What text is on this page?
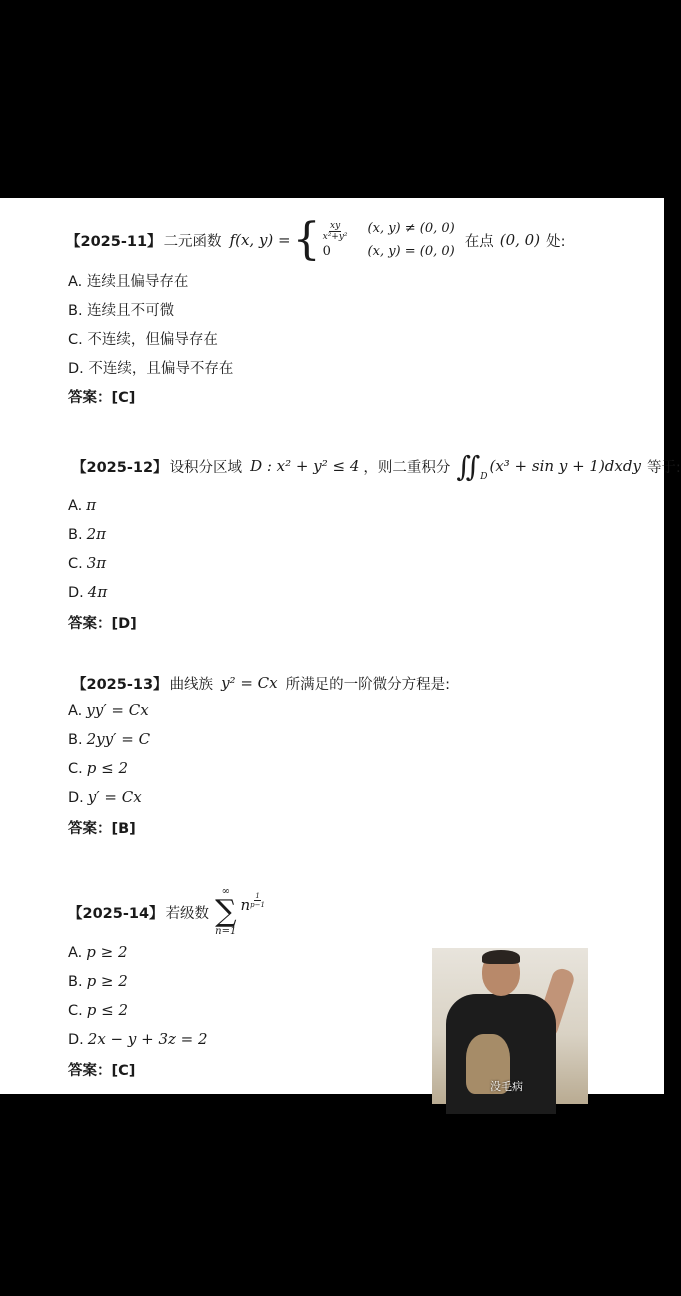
【2025-11】 二元函数 f(x, y) = { $\frac{xy}{\text{x²+y²}} (x$, y) ≠ (0, 0)
0	(x, y) = (0, 0)
在点 (0, 0) 处:
A. 连续且偏导存在
B. 连续且不可微
C. 不连续，但偏导存在
D. 不连续，且偏导不存在
答案：[C]
【2025-12】 设积分区域 D : x² + y² ≤ 4 ，则二重积分 ∬ D
(x³ + sin y + 1)dxdy 等于:
A. π
B. 2π
C. 3π
D. 4π
答案：[D]
【2025-13】 曲线族 y² = Cx 所满足的一阶微分方程是:
A. yy′ = Cx
B. 2yy′ = C
C. p ≤ 2
D. y′ = Cx
答案：[B]
【2025-14】 若级数
∞
∑
n=1
n $\frac{1}{p-1}$
A. p ≥ 2
B. p ≥ 2
C. p ≤ 2
D. 2x − y + 3z = 2
答案：[C]
没毛病
